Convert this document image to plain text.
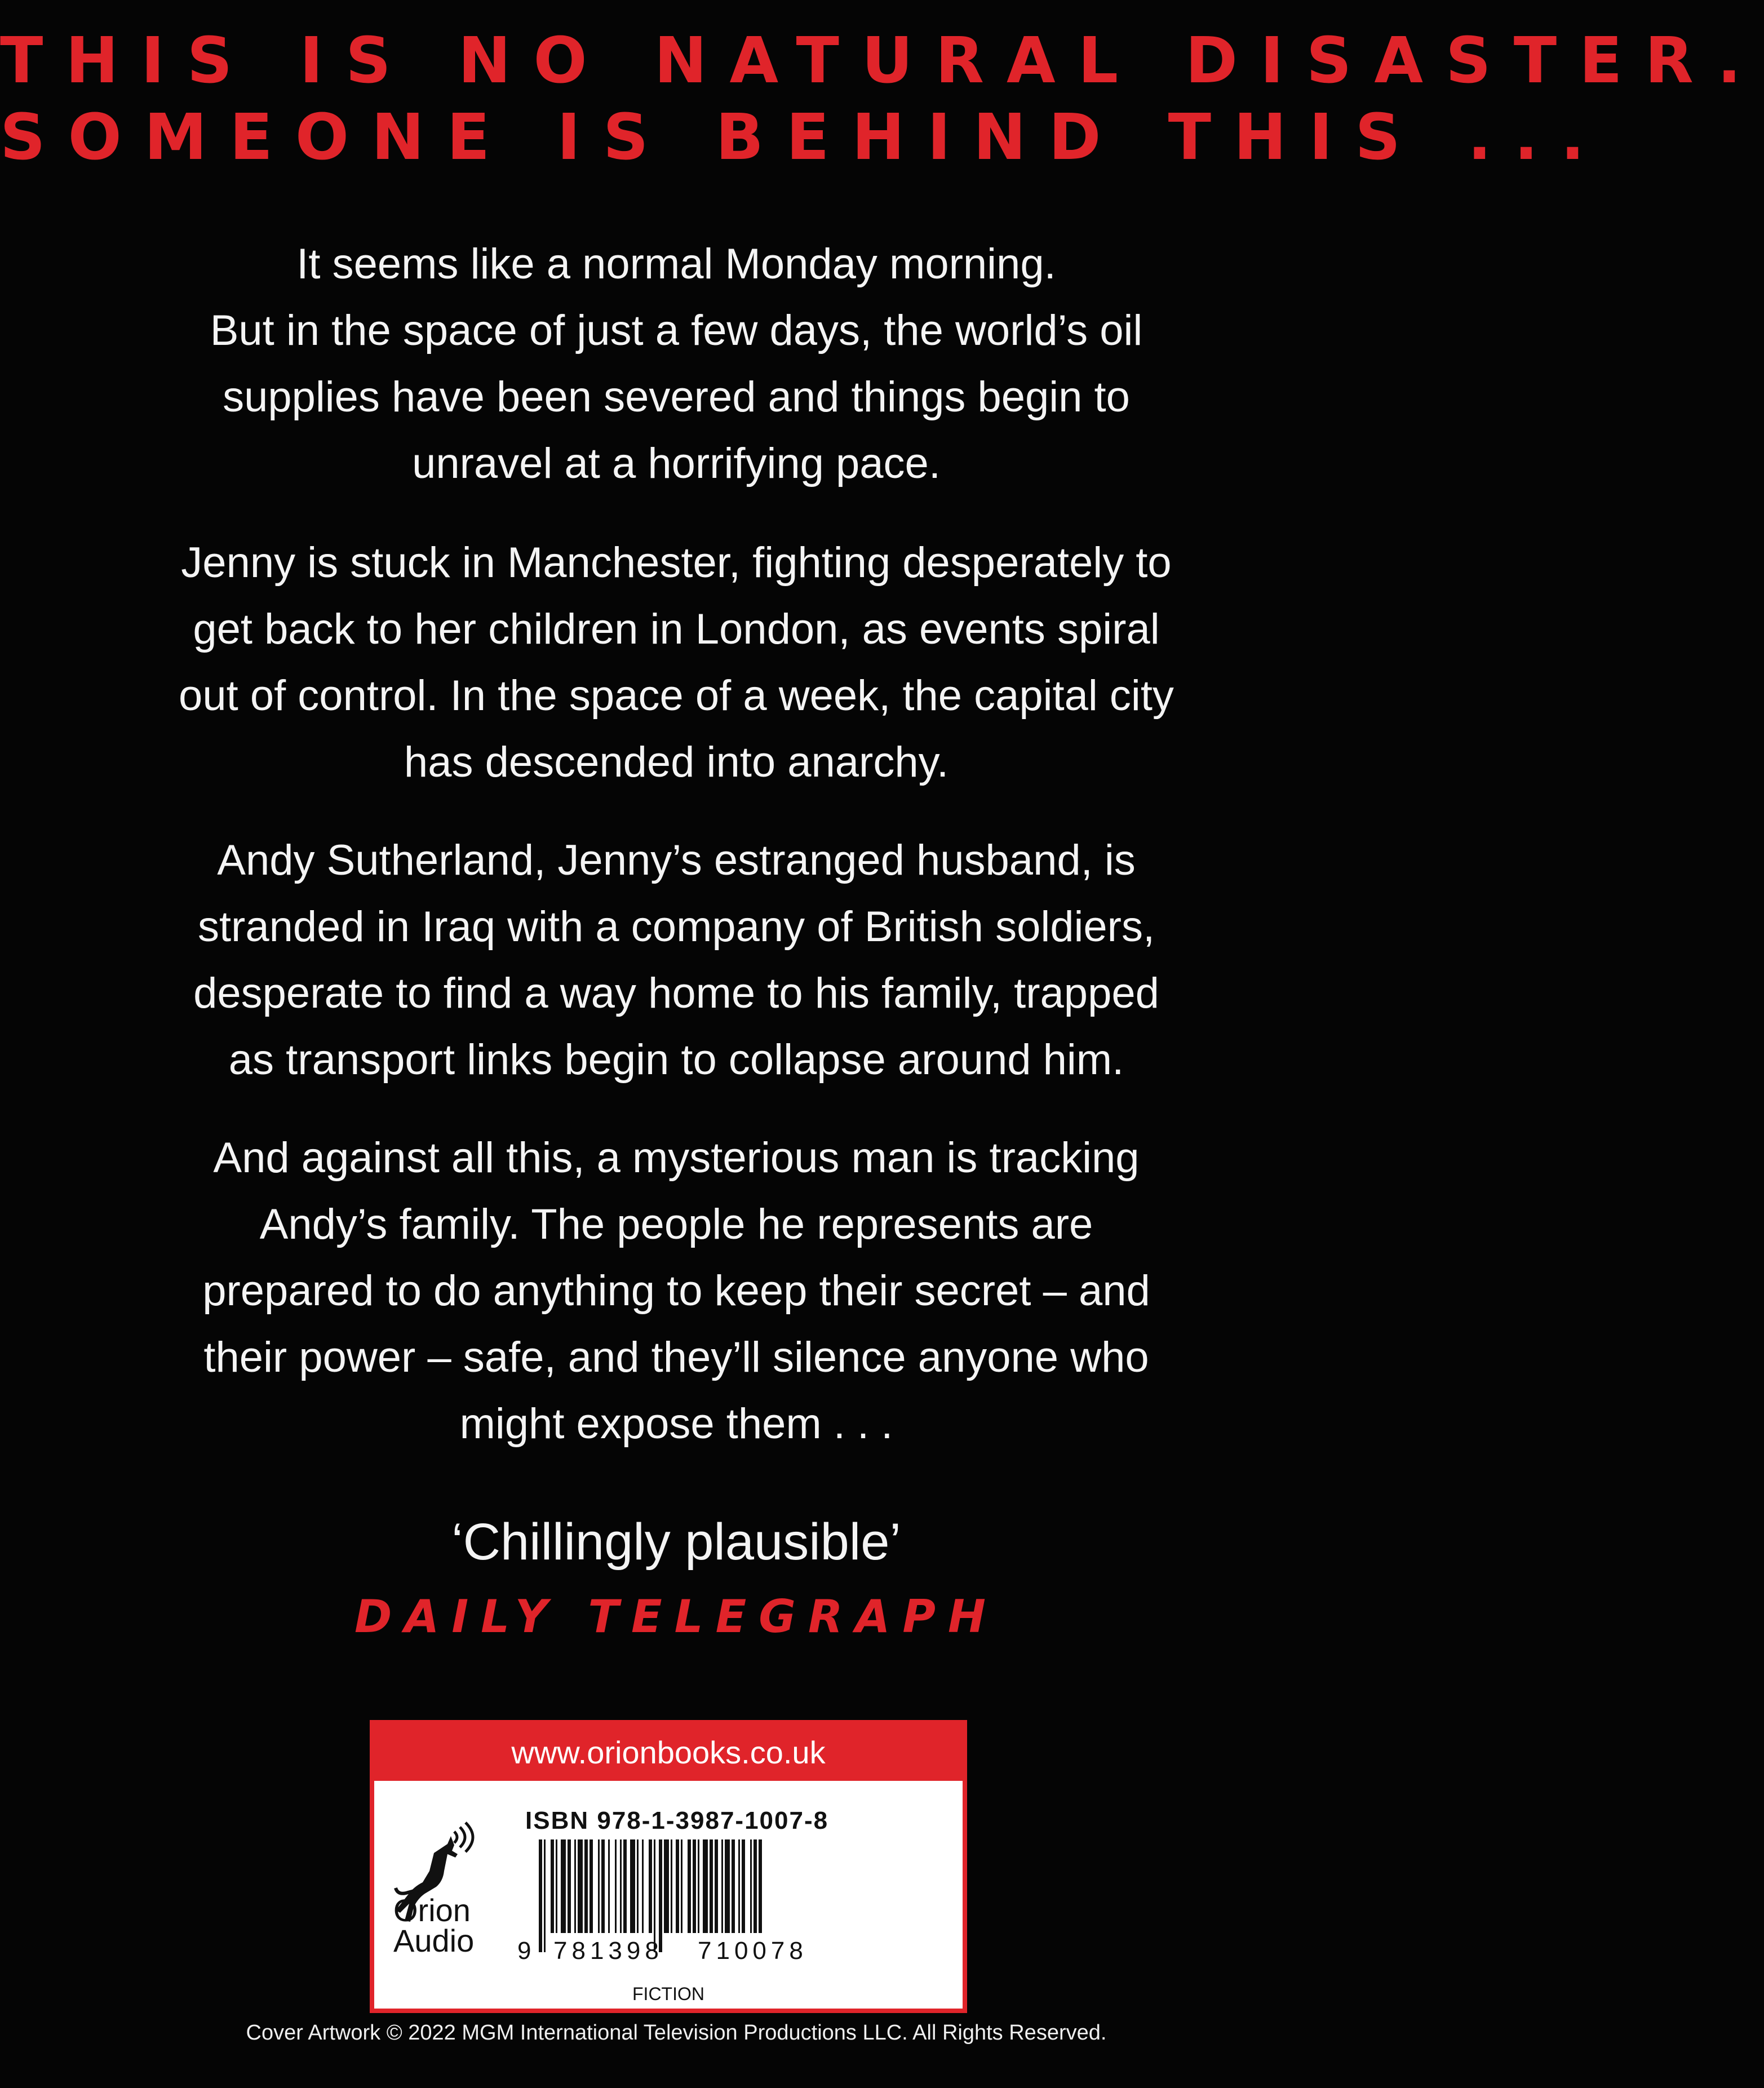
THIS IS NO NATURAL DISASTER.
SOMEONE IS BEHIND THIS ...
It seems like a normal Monday morning.
But in the space of just a few days, the world’s oil
supplies have been severed and things begin to
unravel at a horrifying pace.
Jenny is stuck in Manchester, fighting desperately to
get back to her children in London, as events spiral
out of control. In the space of a week, the capital city
has descended into anarchy.
Andy Sutherland, Jenny’s estranged husband, is
stranded in Iraq with a company of British soldiers,
desperate to find a way home to his family, trapped
as transport links begin to collapse around him.
And against all this, a mysterious man is tracking
Andy’s family. The people he represents are
prepared to do anything to keep their secret – and
their power – safe, and they’ll silence anyone who
might expose them . . .
‘Chillingly plausible’
DAILY TELEGRAPH
www.orionbooks.co.uk
Orion
Audio
ISBN 978-1-3987-1007-8
9 781398 710078
FICTION
Cover Artwork © 2022 MGM International Television Productions LLC. All Rights Reserved.
